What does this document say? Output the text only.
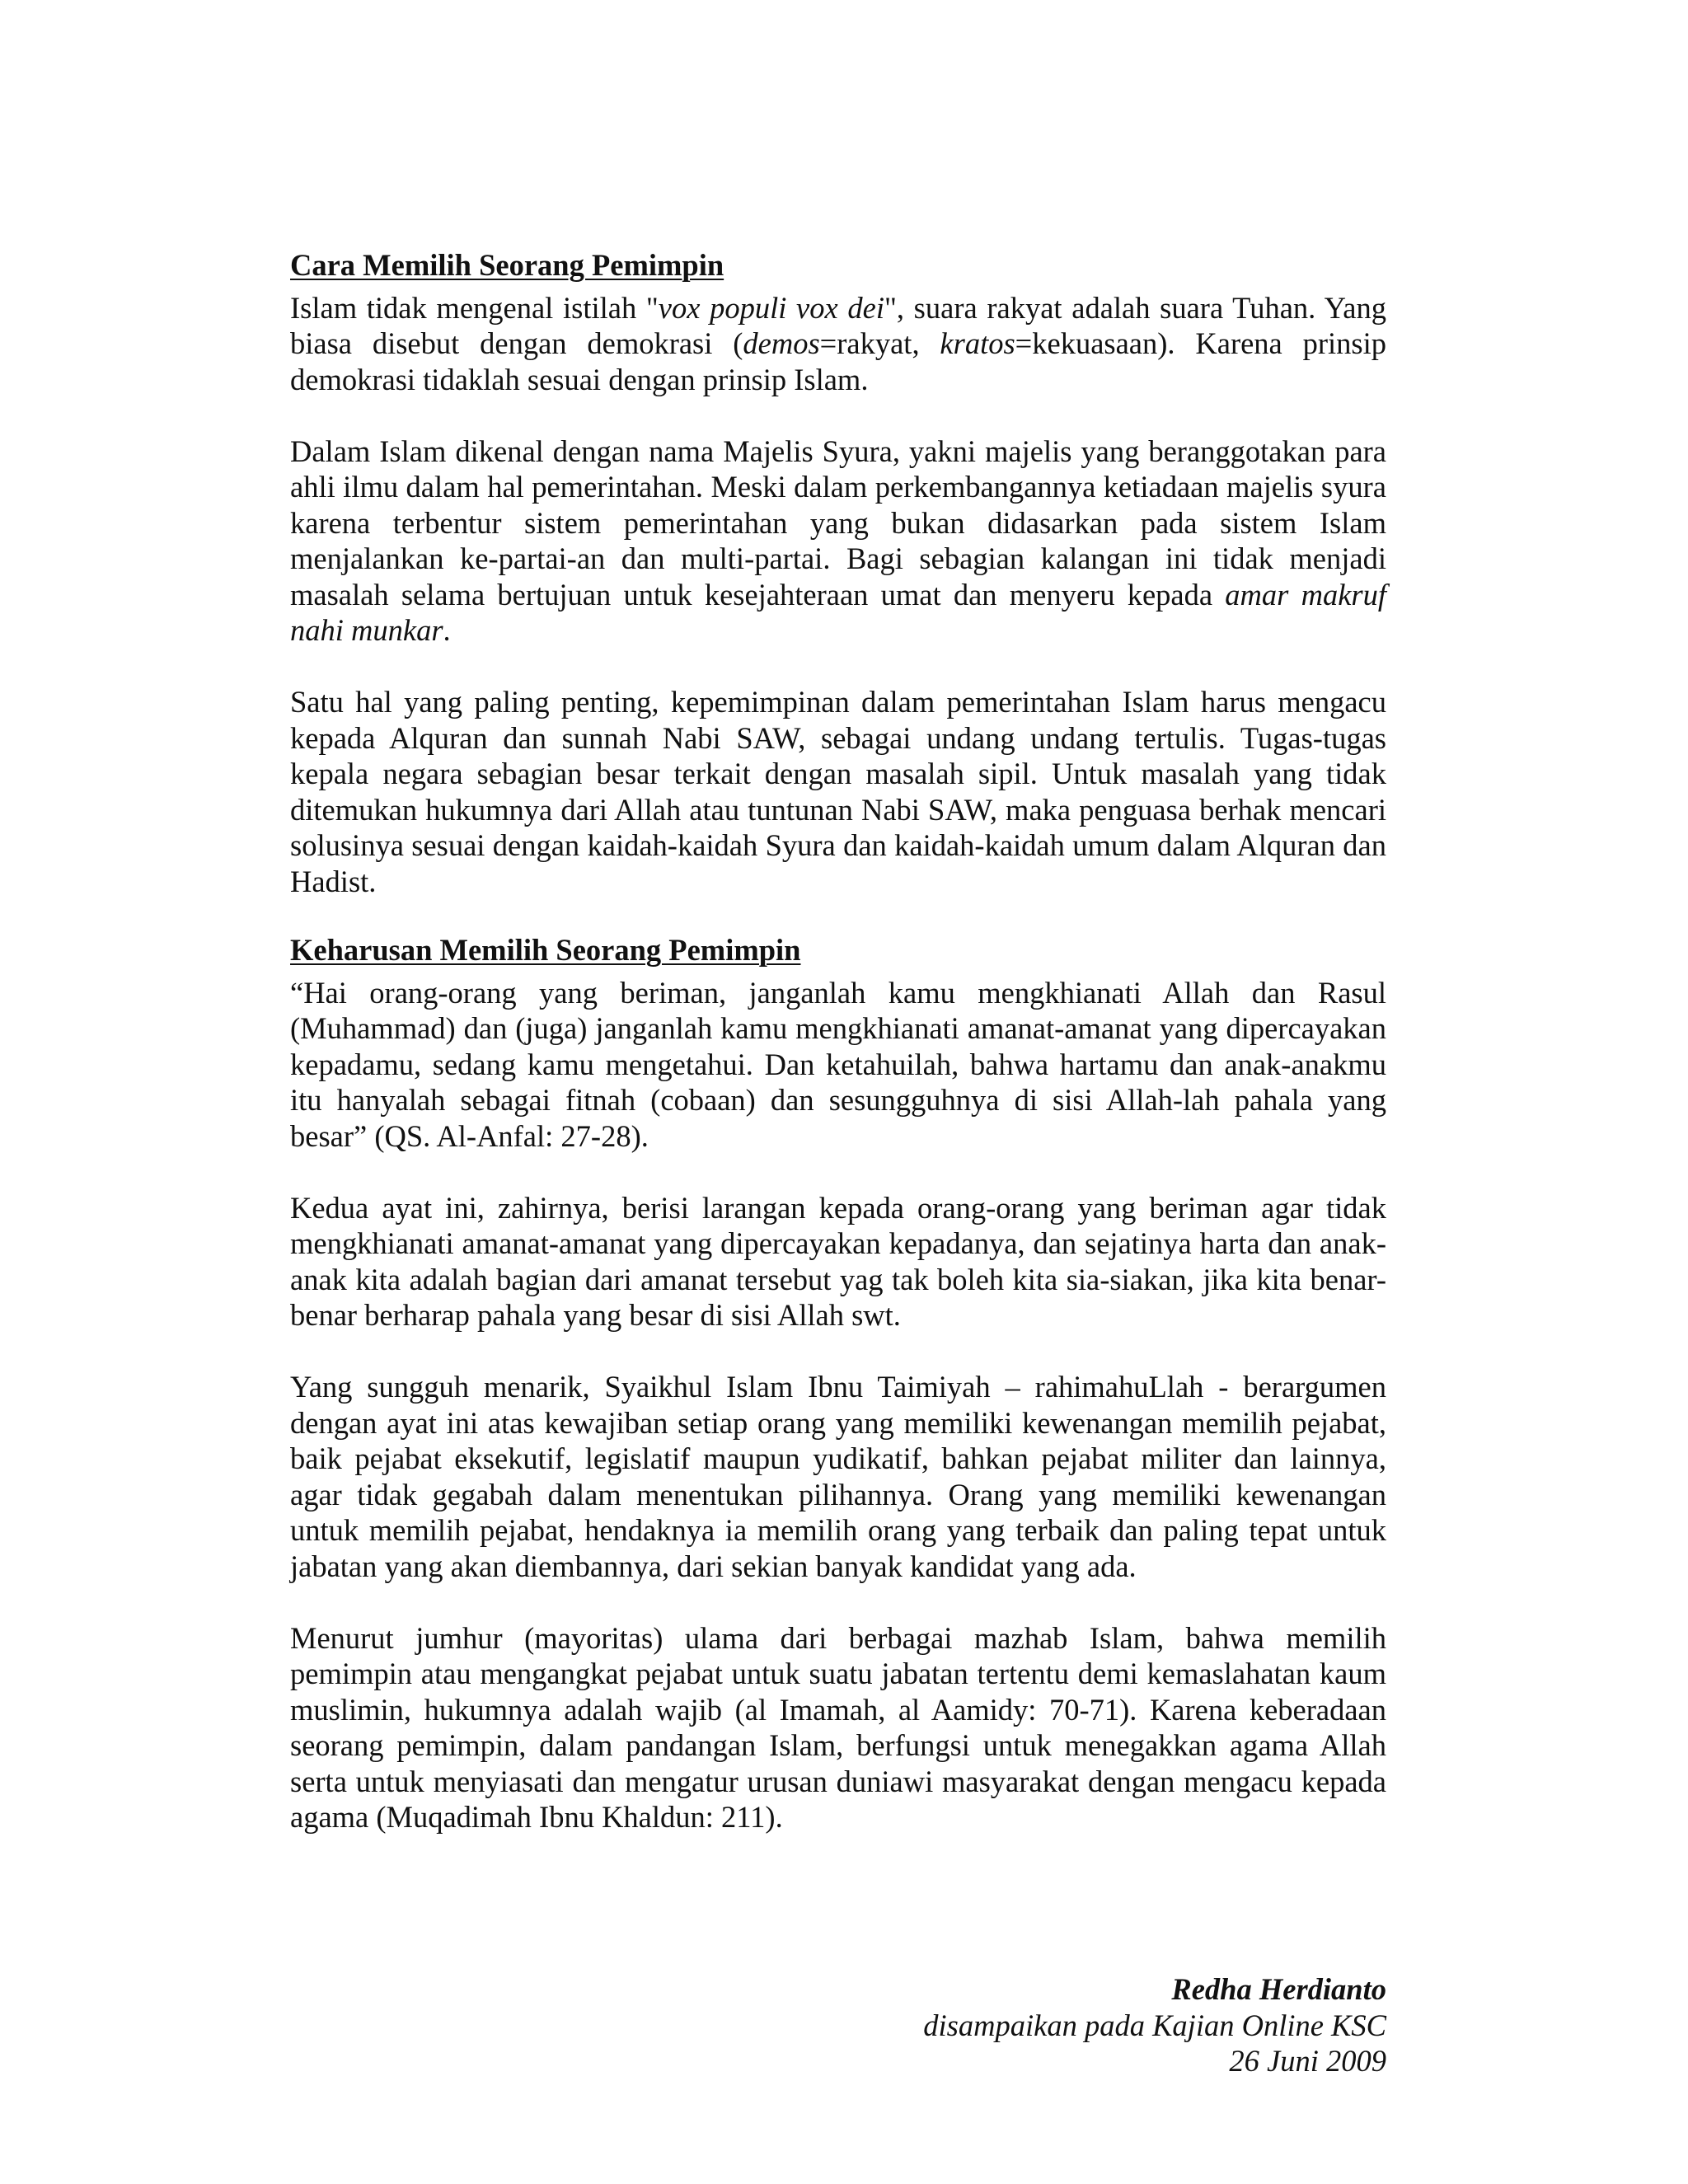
Cara Memilih Seorang Pemimpin

Islam tidak mengenal istilah "vox populi vox dei", suara rakyat adalah suara Tuhan. Yang biasa disebut dengan demokrasi (demos=rakyat, kratos=kekuasaan). Karena prinsip demokrasi tidaklah sesuai dengan prinsip Islam.

Dalam Islam dikenal dengan nama Majelis Syura, yakni majelis yang beranggotakan para ahli ilmu dalam hal pemerintahan. Meski dalam perkembangannya ketiadaan majelis syura karena terbentur sistem pemerintahan yang bukan didasarkan pada sistem Islam menjalankan ke-partai-an dan multi-partai. Bagi sebagian kalangan ini tidak menjadi masalah selama bertujuan untuk kesejahteraan umat dan menyeru kepada amar makruf nahi munkar.

Satu hal yang paling penting, kepemimpinan dalam pemerintahan Islam harus mengacu kepada Alquran dan sunnah Nabi SAW, sebagai undang undang tertulis. Tugas-tugas kepala negara sebagian besar terkait dengan masalah sipil. Untuk masalah yang tidak ditemukan hukumnya dari Allah atau tuntunan Nabi SAW, maka penguasa berhak mencari solusinya sesuai dengan kaidah-kaidah Syura dan kaidah-kaidah umum dalam Alquran dan Hadist.

Keharusan Memilih Seorang Pemimpin

“Hai orang-orang yang beriman, janganlah kamu mengkhianati Allah dan Rasul (Muhammad) dan (juga) janganlah kamu mengkhianati amanat-amanat yang dipercayakan kepadamu, sedang kamu mengetahui. Dan ketahuilah, bahwa hartamu dan anak-anakmu itu hanyalah sebagai fitnah (cobaan) dan sesungguhnya di sisi Allah-lah pahala yang besar” (QS. Al-Anfal: 27-28).

Kedua ayat ini, zahirnya, berisi larangan kepada orang-orang yang beriman agar tidak mengkhianati amanat-amanat yang dipercayakan kepadanya, dan sejatinya harta dan anak-anak kita adalah bagian dari amanat tersebut yag tak boleh kita sia-siakan, jika kita benar-benar berharap pahala yang besar di sisi Allah swt.

Yang sungguh menarik, Syaikhul Islam Ibnu Taimiyah – rahimahuLlah - berargumen dengan ayat ini atas kewajiban setiap orang yang memiliki kewenangan memilih pejabat, baik pejabat eksekutif, legislatif maupun yudikatif, bahkan pejabat militer dan lainnya, agar tidak gegabah dalam menentukan pilihannya. Orang yang memiliki kewenangan untuk memilih pejabat, hendaknya ia memilih orang yang terbaik dan paling tepat untuk jabatan yang akan diembannya, dari sekian banyak kandidat yang ada.

Menurut jumhur (mayoritas) ulama dari berbagai mazhab Islam, bahwa memilih pemimpin atau mengangkat pejabat untuk suatu jabatan tertentu demi kemaslahatan kaum muslimin, hukumnya adalah wajib (al Imamah, al Aamidy: 70-71). Karena keberadaan seorang pemimpin, dalam pandangan Islam, berfungsi untuk menegakkan agama Allah serta untuk menyiasati dan mengatur urusan duniawi masyarakat dengan mengacu kepada agama (Muqadimah Ibnu Khaldun: 211).

Redha Herdianto
disampaikan pada Kajian Online KSC
26 Juni 2009
